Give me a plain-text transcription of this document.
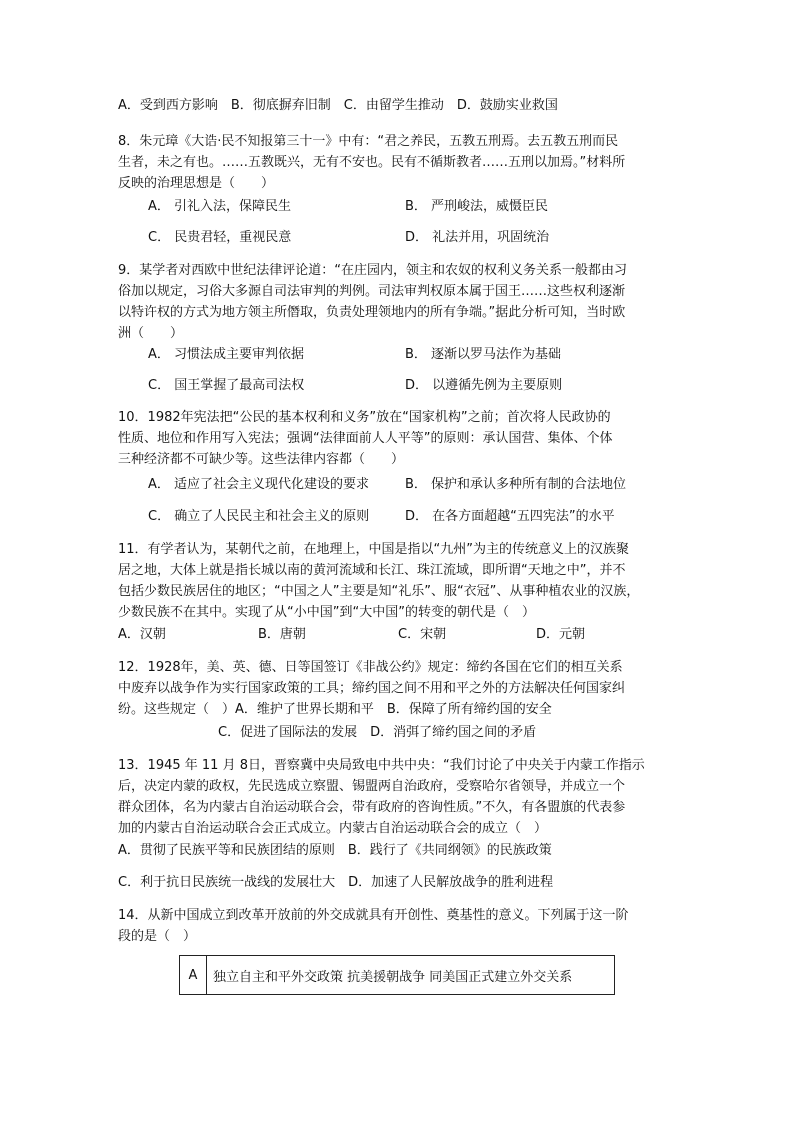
A．受到西方影响　B．彻底摒弃旧制　C．由留学生推动　D．鼓励实业救国
8．朱元璋《大诰·民不知报第三十一》中有：“君之养民，五教五刑焉。去五教五刑而民
生者，未之有也。……五教既兴，无有不安也。民有不循斯教者……五刑以加焉。”材料所
反映的治理思想是（　　）
A． 引礼入法，保障民生	B． 严刑峻法，威慑臣民
C． 民贵君轻，重视民意	D． 礼法并用，巩固统治
9．某学者对西欧中世纪法律评论道：“在庄园内，领主和农奴的权利义务关系一般都由习
俗加以规定，习俗大多源自司法审判的判例。司法审判权原本属于国王……这些权利逐渐
以特许权的方式为地方领主所僭取，负责处理领地内的所有争端。”据此分析可知，当时欧
洲（　　）
A． 习惯法成主要审判依据	B． 逐渐以罗马法作为基础
C． 国王掌握了最高司法权	D． 以遵循先例为主要原则
10．1982年宪法把“公民的基本权利和义务”放在“国家机构”之前；首次将人民政协的
性质、地位和作用写入宪法；强调“法律面前人人平等”的原则：承认国营、集体、个体
三种经济都不可缺少等。这些法律内容都（　　）
A． 适应了社会主义现代化建设的要求	B． 保护和承认多种所有制的合法地位
C． 确立了人民民主和社会主义的原则	D． 在各方面超越“五四宪法”的水平
11．有学者认为，某朝代之前，在地理上，中国是指以“九州”为主的传统意义上的汉族聚
居之地，大体上就是指长城以南的黄河流域和长江、珠江流域，即所谓“天地之中”，并不
包括少数民族居住的地区；“中国之人”主要是知“礼乐”、服“衣冠”、从事种植农业的汉族，
少数民族不在其中。实现了从“小中国”到“大中国”的转变的朝代是（　）
A．汉朝	B．唐朝	C．宋朝	D．元朝
12．1928年，美、英、德、日等国签订《非战公约》规定：缔约各国在它们的相互关系
中废弃以战争作为实行国家政策的工具；缔约国之间不用和平之外的方法解决任何国家纠
纷。这些规定（　）A．维护了世界长期和平　B．保障了所有缔约国的安全
C．促进了国际法的发展　D．消弭了缔约国之间的矛盾
13．1945 年 11 月 8日，晋察冀中央局致电中共中央：“我们讨论了中央关于内蒙工作指示
后，决定内蒙的政权，先民选成立察盟、锡盟两自治政府，受察哈尔省领导，并成立一个
群众团体，名为内蒙古自治运动联合会，带有政府的咨询性质。”不久，有各盟旗的代表参
加的内蒙古自治运动联合会正式成立。内蒙古自治运动联合会的成立（　）
A．贯彻了民族平等和民族团结的原则　B．践行了《共同纲领》的民族政策
C．利于抗日民族统一战线的发展壮大　D．加速了人民解放战争的胜利进程
14．从新中国成立到改革开放前的外交成就具有开创性、奠基性的意义。下列属于这一阶
段的是（　）
A	独立自主和平外交政策 抗美援朝战争 同美国正式建立外交关系
